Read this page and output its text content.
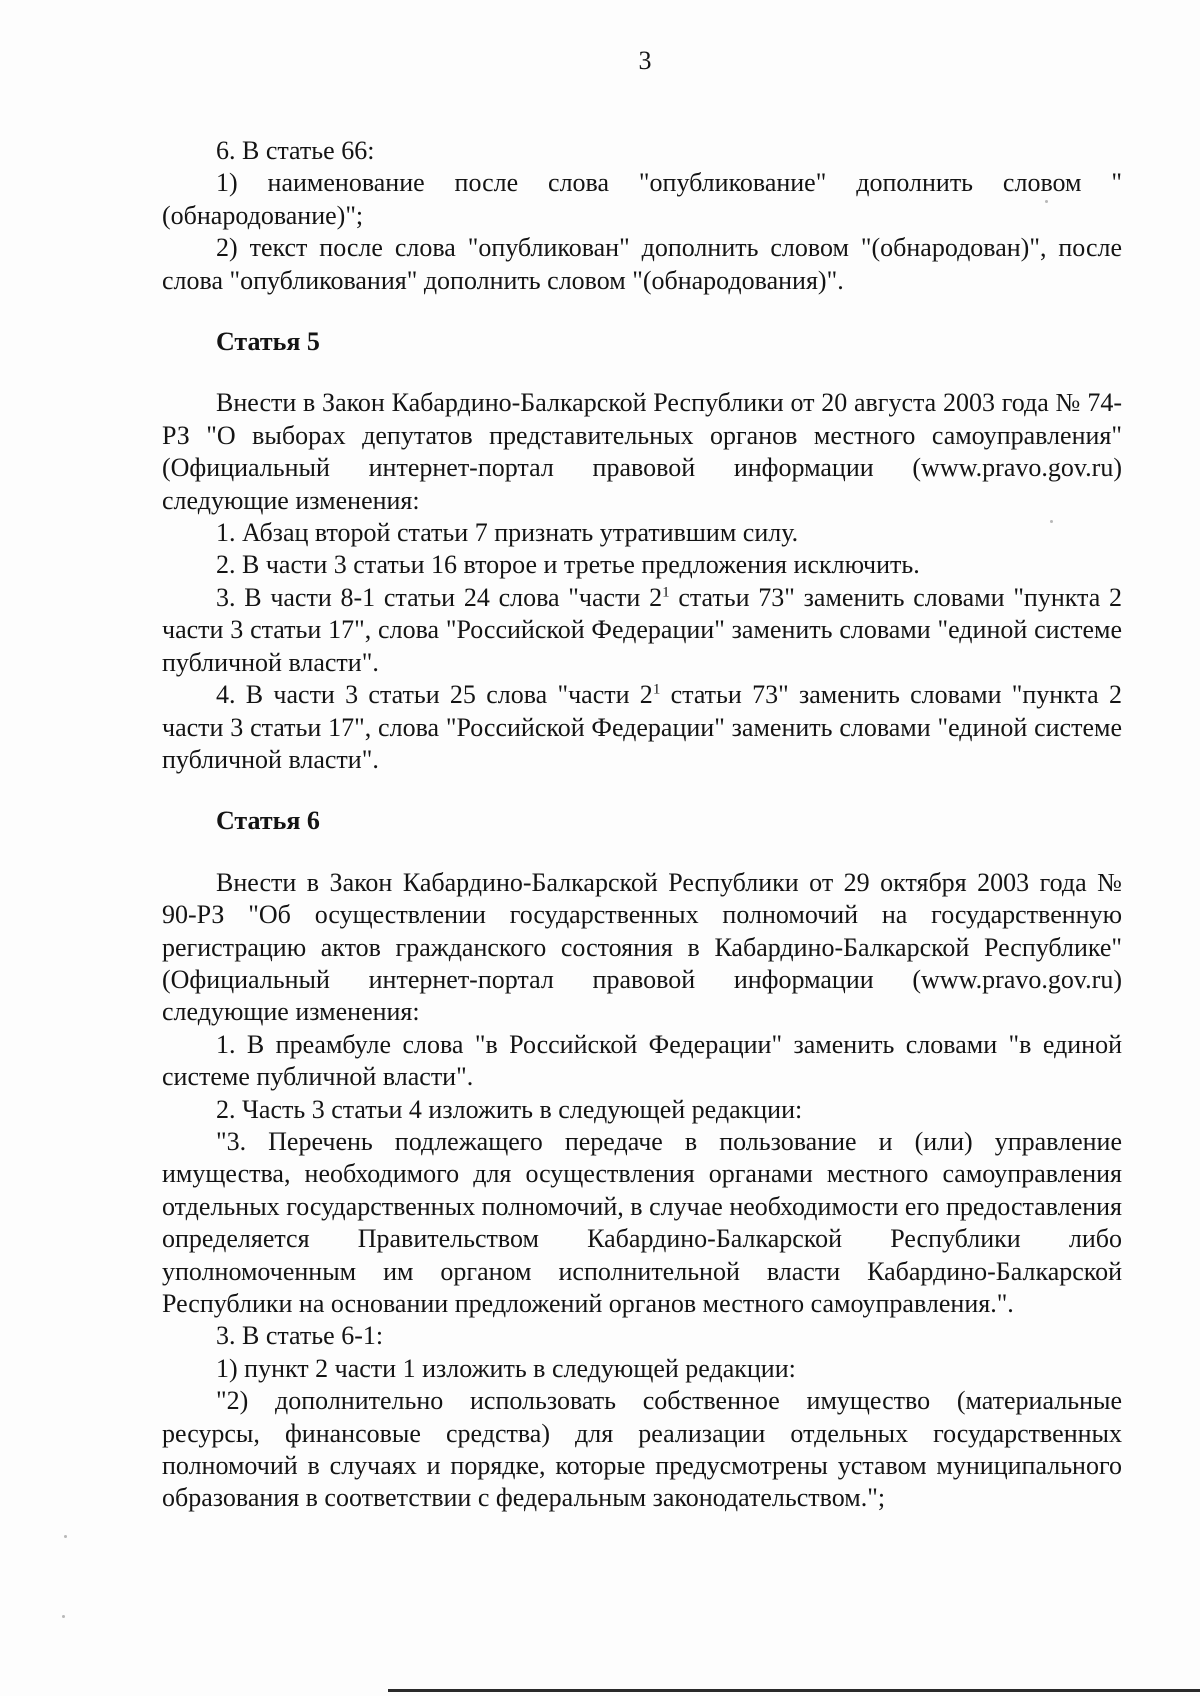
3

6. В статье 66:

1) наименование после слова "опубликование" дополнить словом "(обнародование)";

2) текст после слова "опубликован" дополнить словом "(обнародован)", после слова "опубликования" дополнить словом "(обнародования)".

Статья 5

Внести в Закон Кабардино-Балкарской Республики от 20 августа 2003 года № 74-РЗ "О выборах депутатов представительных органов местного самоуправления" (Официальный интернет-портал правовой информации (www.pravo.gov.ru) следующие изменения:

1. Абзац второй статьи 7 признать утратившим силу.

2. В части 3 статьи 16 второе и третье предложения исключить.

3. В части 8-1 статьи 24 слова "части $2^1$ статьи 73" заменить словами "пункта 2 части 3 статьи 17", слова "Российской Федерации" заменить словами "единой системе публичной власти".

4. В части 3 статьи 25 слова "части $2^1$ статьи 73" заменить словами "пункта 2 части 3 статьи 17", слова "Российской Федерации" заменить словами "единой системе публичной власти".

Статья 6

Внести в Закон Кабардино-Балкарской Республики от 29 октября 2003 года № 90-РЗ "Об осуществлении государственных полномочий на государственную регистрацию актов гражданского состояния в Кабардино-Балкарской Республике" (Официальный интернет-портал правовой информации (www.pravo.gov.ru) следующие изменения:

1. В преамбуле слова "в Российской Федерации" заменить словами "в единой системе публичной власти".

2. Часть 3 статьи 4 изложить в следующей редакции:

"3. Перечень подлежащего передаче в пользование и (или) управление имущества, необходимого для осуществления органами местного самоуправления отдельных государственных полномочий, в случае необходимости его предоставления определяется Правительством Кабардино-Балкарской Республики либо уполномоченным им органом исполнительной власти Кабардино-Балкарской Республики на основании предложений органов местного самоуправления.".

3. В статье 6-1:

1) пункт 2 части 1 изложить в следующей редакции:

"2) дополнительно использовать собственное имущество (материальные ресурсы, финансовые средства) для реализации отдельных государственных полномочий в случаях и порядке, которые предусмотрены уставом муниципального образования в соответствии с федеральным законодательством.";
